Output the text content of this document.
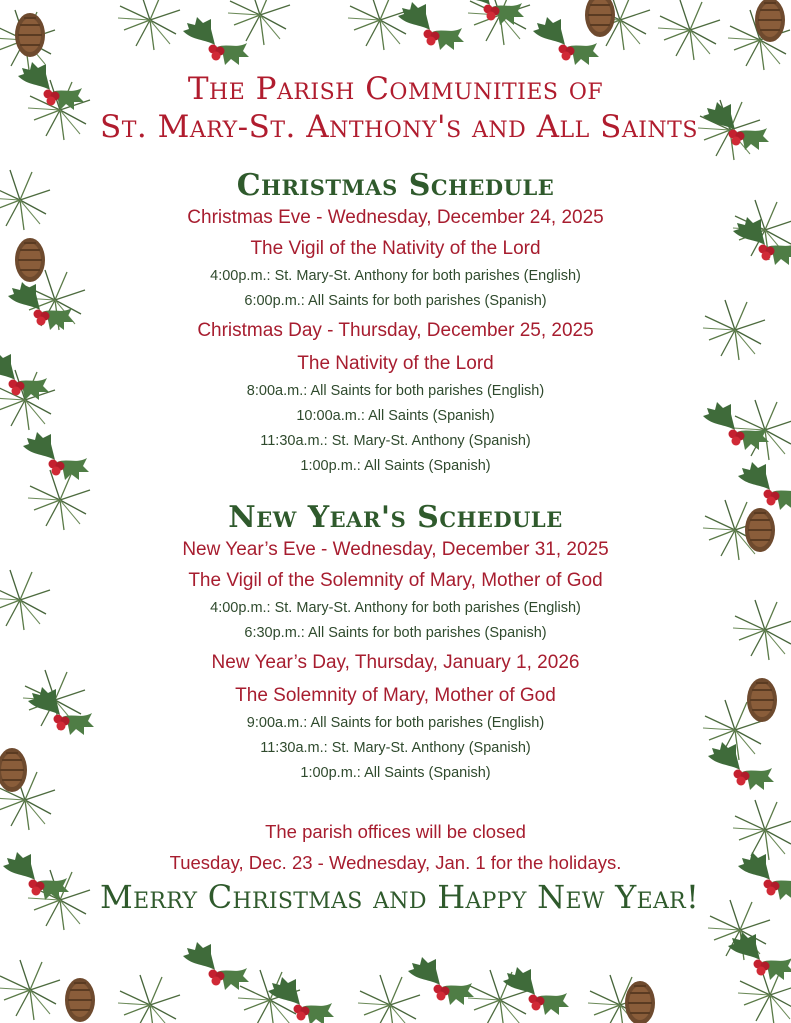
The Parish Communities of
St. Mary-St. Anthony's and All Saints
Christmas Schedule

Christmas Eve - Wednesday, December 24, 2025

The Vigil of the Nativity of the Lord

4:00p.m.: St. Mary-St. Anthony for both parishes (English)

6:00p.m.: All Saints for both parishes (Spanish)

Christmas Day - Thursday, December 25, 2025

The Nativity of the Lord

8:00a.m.: All Saints for both parishes (English)

10:00a.m.: All Saints (Spanish)

11:30a.m.: St. Mary-St. Anthony (Spanish)

1:00p.m.: All Saints (Spanish)

New Year's Schedule

New Year’s Eve - Wednesday, December 31, 2025

The Vigil of the Solemnity of Mary, Mother of God

4:00p.m.: St. Mary-St. Anthony for both parishes (English)

6:30p.m.: All Saints for both parishes (Spanish)

New Year’s Day, Thursday, January 1, 2026

The Solemnity of Mary, Mother of God

9:00a.m.: All Saints for both parishes (English)

11:30a.m.: St. Mary-St. Anthony (Spanish)

1:00p.m.: All Saints (Spanish)

The parish offices will be closed

Tuesday, Dec. 23 - Wednesday, Jan. 1 for the holidays.

Merry Christmas and Happy New Year!
